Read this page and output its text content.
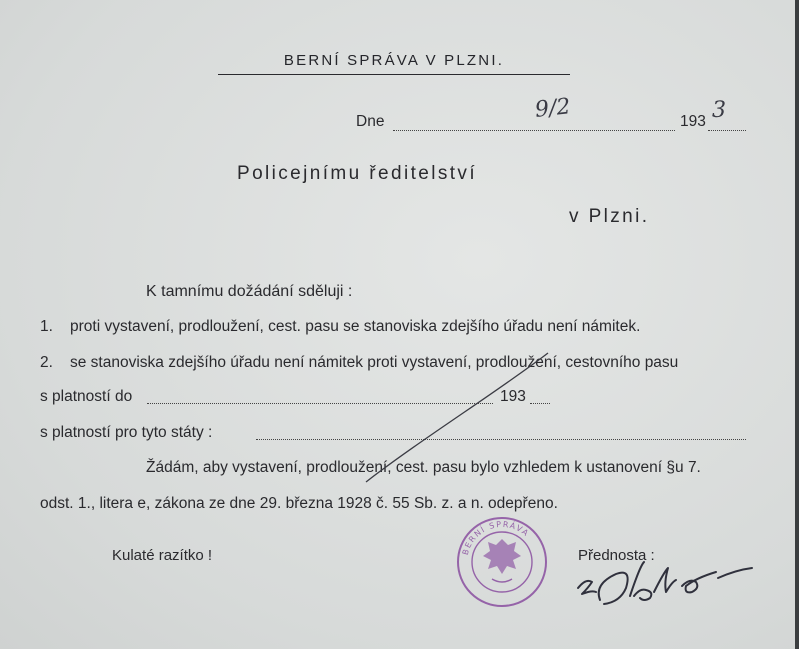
BERNÍ SPRÁVA V PLZNI.
Dne	9/2	193 3
Policejnímu ředitelství
v Plzni.
K tamnímu dožádání sděluji :
1. proti vystavení, prodloužení, cest. pasu se stanoviska zdejšího úřadu není námitek.
2. se stanoviska zdejšího úřadu není námitek proti vystavení, prodloužení, cestovního pasu
s platností do	193
s platností pro tyto státy :
Žádám, aby vystavení, prodloužení, cest. pasu bylo vzhledem k ustanovení §u 7.
odst. 1., litera e, zákona ze dne 29. března 1928 č. 55 Sb. z. a n. odepřeno.
Kulaté razítko !	Přednosta :
BERNÍ SPRÁVA
